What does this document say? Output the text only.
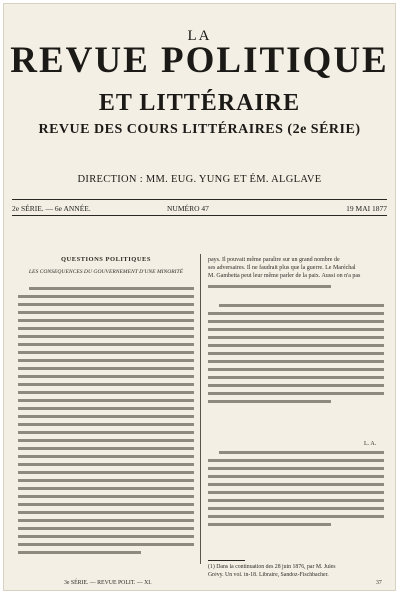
LA
REVUE POLITIQUE
ET LITTÉRAIRE
REVUE DES COURS LITTÉRAIRES (2e SÉRIE)
DIRECTION : MM. EUG. YUNG ET ÉM. ALGLAVE
2e SÉRIE. — 6e ANNÉE.	NUMÉRO 47	19 MAI 1877

QUESTIONS POLITIQUES

LES CONSEQUENCES DU GOUVERNEMENT D'UNE MINORITÉ

pays. Il pouvait même paraître sur un grand nombre de
ses adversaires. Il ne faudrait plus que la guerre. Le Maréchal
M. Gambetta peut leur même parler de la paix. Aussi on n'a pas
L. A.
(1) Dans la continuation des 28 juin 1876, par M. Jules
Grévy. Un vol. in-18. Libraire, Sandoz-Fischbacher.
3e SÉRIE. — REVUE POLIT. — XI.	37
